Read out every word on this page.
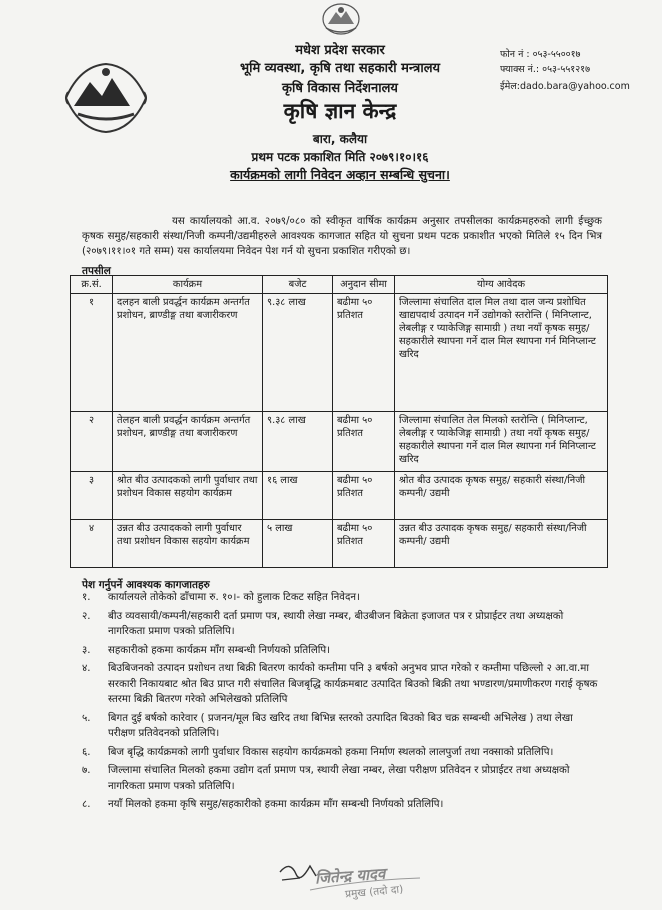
मधेश प्रदेश सरकार
भूमि व्यवस्था, कृषि तथा सहकारी मन्त्रालय
कृषि विकास निर्देशनालय
कृषि ज्ञान केन्द्र
बारा, कलैया
प्रथम पटक प्रकाशित मिति २०७९।१०।१६
कार्यक्रमको लागी निवेदन अव्हान सम्बन्धि सुचना।
फोन नं : ०५३-५५००१७
फ्याक्स नं.: ०५३-५५१२१७
ईमेल:dado.bara@yahoo.com

यस कार्यालयको आ.व. २०७९/०८० को स्वीकृत वार्षिक कार्यक्रम अनुसार तपसीलका कार्यक्रमहरुको लागी ईच्छुक कृषक समुह/सहकारी संस्था/निजी कम्पनी/उद्यमीहरुले आवश्यक कागजात सहित यो सुचना प्रथम पटक प्रकाशीत भएको मितिले १५ दिन भित्र (२०७९।११।०१ गते सम्म) यस कार्यालयमा निवेदन पेश गर्न यो सुचना प्रकाशित गरीएको छ।

तपसील
क्र.सं.	कार्यक्रम	बजेट	अनुदान सीमा	योग्य आवेदक
१	दलहन बाली प्रवर्द्धन कार्यक्रम अन्तर्गत प्रशोधन, ब्राण्डीङ्ग तथा बजारीकरण	९.३८ लाख	बढीमा ५० प्रतिशत	जिल्लामा संचालित दाल मिल तथा दाल जन्य प्रशोधित खाद्यपदार्थ उत्पादन गर्ने उद्योगको स्तरोन्ति ( मिनिप्लान्ट, लेबलीङ्ग र प्याकेजिङ्ग सामाग्री ) तथा नयाँ कृषक समुह/ सहकारीले स्थापना गर्ने दाल मिल स्थापना गर्न मिनिप्लान्ट खरिद
२	तेलहन बाली प्रवर्द्धन कार्यक्रम अन्तर्गत प्रशोधन, ब्राण्डीङ्ग तथा बजारीकरण	९.३८ लाख	बढीमा ५० प्रतिशत	जिल्लामा संचालित तेल मिलको स्तरोन्ति ( मिनिप्लान्ट, लेबलीङ्ग र प्याकेजिङ्ग सामाग्री ) तथा नयाँ कृषक समुह/ सहकारीले स्थापना गर्ने दाल मिल स्थापना गर्न मिनिप्लान्ट खरिद
३	श्रोत बीउ उत्पादकको लागी पुर्वाधार तथा प्रशोधन विकास सहयोग कार्यक्रम	१६ लाख	बढीमा ५० प्रतिशत	श्रोत बीउ उत्पादक कृषक समुह/ सहकारी संस्था/निजी कम्पनी/ उद्यमी
४	उन्नत बीउ उत्पादकको लागी पुर्वाधार तथा प्रशोधन विकास सहयोग कार्यक्रम	५ लाख	बढीमा ५० प्रतिशत	उन्नत बीउ उत्पादक कृषक समुह/ सहकारी संस्था/निजी कम्पनी/ उद्यमी
पेश गर्नुपर्ने आवश्यक कागजातहरु
१. कार्यालयले तोकेको ढाँचामा रु. १०।- को हुलाक टिकट सहित निवेदन।
२. बीउ व्यवसायी/कम्पनी/सहकारी दर्ता प्रमाण पत्र, स्थायी लेखा नम्बर, बीउबीजन बिक्रेता इजाजत पत्र र प्रोप्राईटर तथा अध्यक्षको नागरिकता प्रमाण पत्रको प्रतिलिपि।
३. सहकारीको हकमा कार्यक्रम माँग सम्बन्धी निर्णयको प्रतिलिपि।
४. बिउबिजनको उत्पादन प्रशोधन तथा बिक्री बितरण कार्यको कम्तीमा पनि ३ बर्षको अनुभव प्राप्त गरेको र कम्तीमा पछिल्लो २ आ.वा.मा सरकारी निकायबाट श्रोत बिउ प्राप्त गरी संचालित बिजबृद्धि कार्यक्रमबाट उत्पादित बिउको बिक्री तथा भण्डारण/प्रमाणीकरण गराई कृषक स्तरमा बिक्री बितरण गरेको अभिलेखको प्रतिलिपि
५. बिगत दुई बर्षको कारेवार ( प्रजनन/मूल बिउ खरिद तथा बिभिन्न स्तरको उत्पादित बिउको बिउ चक्र सम्बन्धी अभिलेख ) तथा लेखा परीक्षण प्रतिवेदनको प्रतिलिपि।
६. बिज बृद्धि कार्यक्रमको लागी पुर्वाधार विकास सहयोग कार्यक्रमको हकमा निर्माण स्थलको लालपुर्जा तथा नक्साको प्रतिलिपि।
७. जिल्लामा संचालित मिलको हकमा उद्योग दर्ता प्रमाण पत्र, स्थायी लेखा नम्बर, लेखा परीक्षण प्रतिवेदन र प्रोप्राईटर तथा अध्यक्षको नागरिकता प्रमाण पत्रको प्रतिलिपि।
८. नयाँ मिलको हकमा कृषि समुह/सहकारीको हकमा कार्यक्रम माँग सम्बन्धी निर्णयको प्रतिलिपि।
जितेन्द्र यादव
प्रमुख (तदो दा)
